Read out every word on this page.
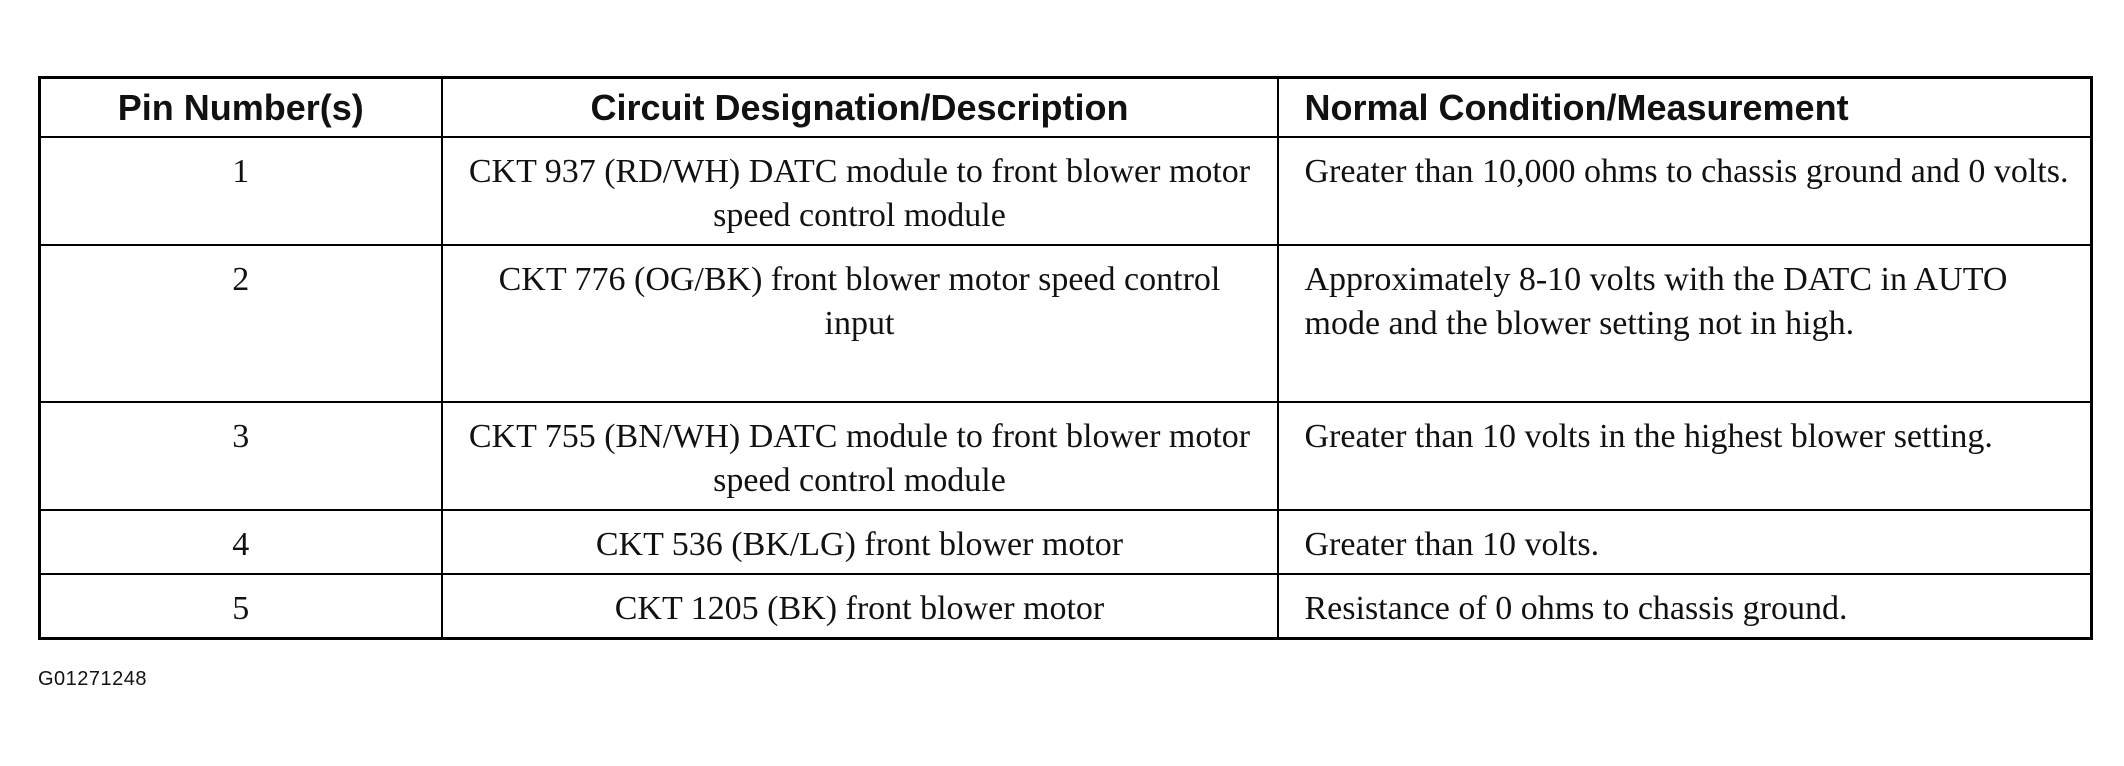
Pin Number(s)	Circuit Designation/Description	Normal Condition/Measurement
1	CKT 937 (RD/WH) DATC module to front blower motor speed control module	Greater than 10,000 ohms to chassis ground and 0 volts.
2	CKT 776 (OG/BK) front blower motor speed control input	Approximately 8-10 volts with the DATC in AUTO mode and the blower setting not in high.
3	CKT 755 (BN/WH) DATC module to front blower motor speed control module	Greater than 10 volts in the highest blower setting.
4	CKT 536 (BK/LG) front blower motor	Greater than 10 volts.
5	CKT 1205 (BK) front blower motor	Resistance of 0 ohms to chassis ground.
G01271248
